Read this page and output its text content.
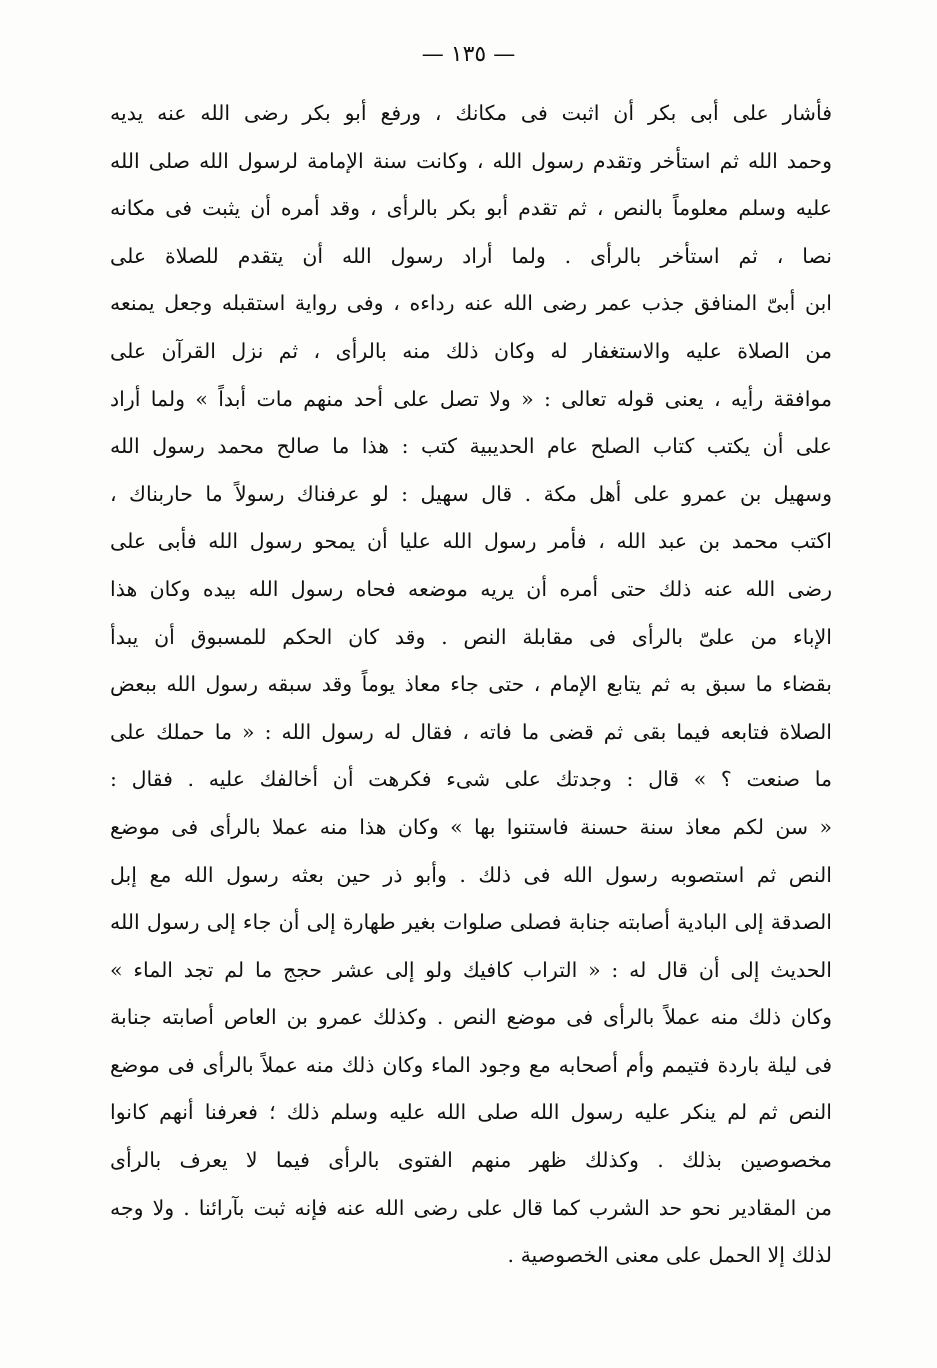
— ١٣٥ —
فأشار على أبى بكر أن اثبت فى مكانك ، ورفع أبو بكر رضى الله عنه يديه
وحمد الله ثم استأخر وتقدم رسول الله ، وكانت سنة الإمامة لرسول الله صلى الله
عليه وسلم معلوماً بالنص ، ثم تقدم أبو بكر بالرأى ، وقد أمره أن يثبت فى مكانه
نصا ، ثم استأخر بالرأى . ولما أراد رسول الله أن يتقدم للصلاة على
ابن أبىّ المنافق جذب عمر رضى الله عنه رداءه ، وفى رواية استقبله وجعل يمنعه
من الصلاة عليه والاستغفار له وكان ذلك منه بالرأى ، ثم نزل القرآن على
موافقة رأيه ، يعنى قوله تعالى : « ولا تصل على أحد منهم مات أبداً » ولما أراد
على أن يكتب كتاب الصلح عام الحديبية كتب : هذا ما صالح محمد رسول الله
وسهيل بن عمرو على أهل مكة . قال سهيل : لو عرفناك رسولاً ما حاربناك ،
اكتب محمد بن عبد الله ، فأمر رسول الله عليا أن يمحو رسول الله فأبى على
رضى الله عنه ذلك حتى أمره أن يريه موضعه فحاه رسول الله بيده وكان هذا
الإباء من علىّ بالرأى فى مقابلة النص . وقد كان الحكم للمسبوق أن يبدأ
بقضاء ما سبق به ثم يتابع الإمام ، حتى جاء معاذ يوماً وقد سبقه رسول الله ببعض
الصلاة فتابعه فيما بقى ثم قضى ما فاته ، فقال له رسول الله : « ما حملك على
ما صنعت ؟ » قال : وجدتك على شىء فكرهت أن أخالفك عليه . فقال :
« سن لكم معاذ سنة حسنة فاستنوا بها » وكان هذا منه عملا بالرأى فى موضع
النص ثم استصوبه رسول الله فى ذلك . وأبو ذر حين بعثه رسول الله مع إبل
الصدقة إلى البادية أصابته جنابة فصلى صلوات بغير طهارة إلى أن جاء إلى رسول الله
الحديث إلى أن قال له : « التراب كافيك ولو إلى عشر حجج ما لم تجد الماء »
وكان ذلك منه عملاً بالرأى فى موضع النص . وكذلك عمرو بن العاص أصابته جنابة
فى ليلة باردة فتيمم وأم أصحابه مع وجود الماء وكان ذلك منه عملاً بالرأى فى موضع
النص ثم لم ينكر عليه رسول الله صلى الله عليه وسلم ذلك ؛ فعرفنا أنهم كانوا
مخصوصين بذلك . وكذلك ظهر منهم الفتوى بالرأى فيما لا يعرف بالرأى
من المقادير نحو حد الشرب كما قال على رضى الله عنه فإنه ثبت بآرائنا . ولا وجه
لذلك إلا الحمل على معنى الخصوصية .
